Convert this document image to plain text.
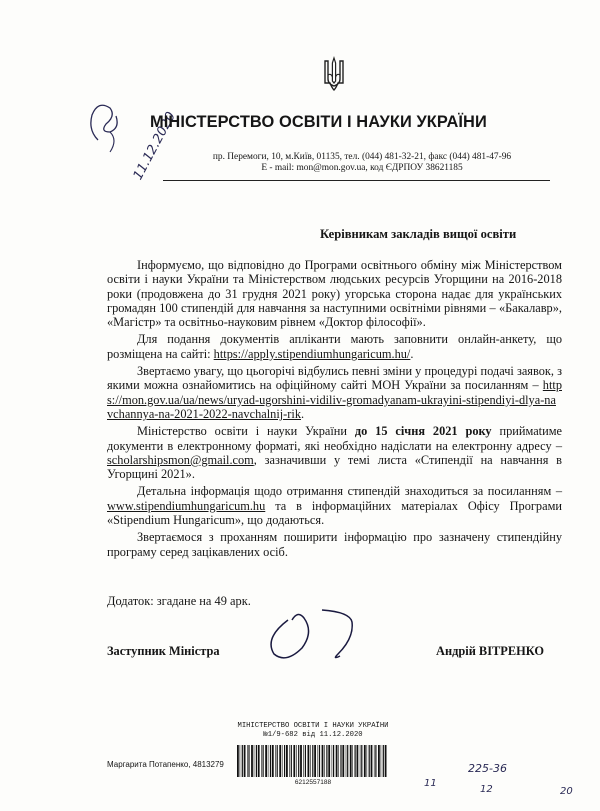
11.12.2020
МІНІСТЕРСТВО ОСВІТИ І НАУКИ УКРАЇНИ
пр. Перемоги, 10, м.Київ, 01135, тел. (044) 481-32-21, факс (044) 481-47-96
E - mail: mon@mon.gov.ua, код ЄДРПОУ 38621185
Керівникам закладів вищої освіти

Інформуємо, що відповідно до Програми освітнього обміну між Міністерством освіти і науки України та Міністерством людських ресурсів Угорщини на 2016-2018 роки (продовжена до 31 грудня 2021 року) угорська сторона надає для українських громадян 100 стипендій для навчання за наступними освітніми рівнями – «Бакалавр», «Магістр» та освітньо-науковим рівнем «Доктор філософії».

Для подання документів апліканти мають заповнити онлайн-анкету, що розміщена на сайті: https://apply.stipendiumhungaricum.hu/.

Звертаємо увагу, що цьогорічі відбулись певні зміни у процедурі подачі заявок, з якими можна ознайомитись на офіційному сайті МОН України за посиланням – https://mon.gov.ua/ua/news/uryad-ugorshini-vidiliv-gromadyanam-ukrayini-stipendiyi-dlya-navchannya-na-2021-2022-navchalnij-rik.

Міністерство освіти і науки України до 15 січня 2021 року приймаtиме документи в електронному форматі, які необхідно надіслати на електронну адресу – scholarshipsmon@gmail.com, зазначивши у темі листа «Стипендії на навчання в Угорщині 2021».

Детальна інформація щодо отримання стипендій знаходиться за посиланням – www.stipendiumhungaricum.hu та в інформаційних матеріалах Офісу Програми «Stipendium Hungaricum», що додаються.

Звертаємося з проханням поширити інформацію про зазначену стипендійну програму серед зацікавлених осіб.

Додаток: згадане на 49 арк.
Заступник Міністра	Андрій ВІТРЕНКО
МІНІСТЕРСТВО ОСВІТИ І НАУКИ УКРАЇНИ
№1/9-682 від 11.12.2020
6212557188
Маргарита Потапенко, 4813279	225-36
11
12	20
